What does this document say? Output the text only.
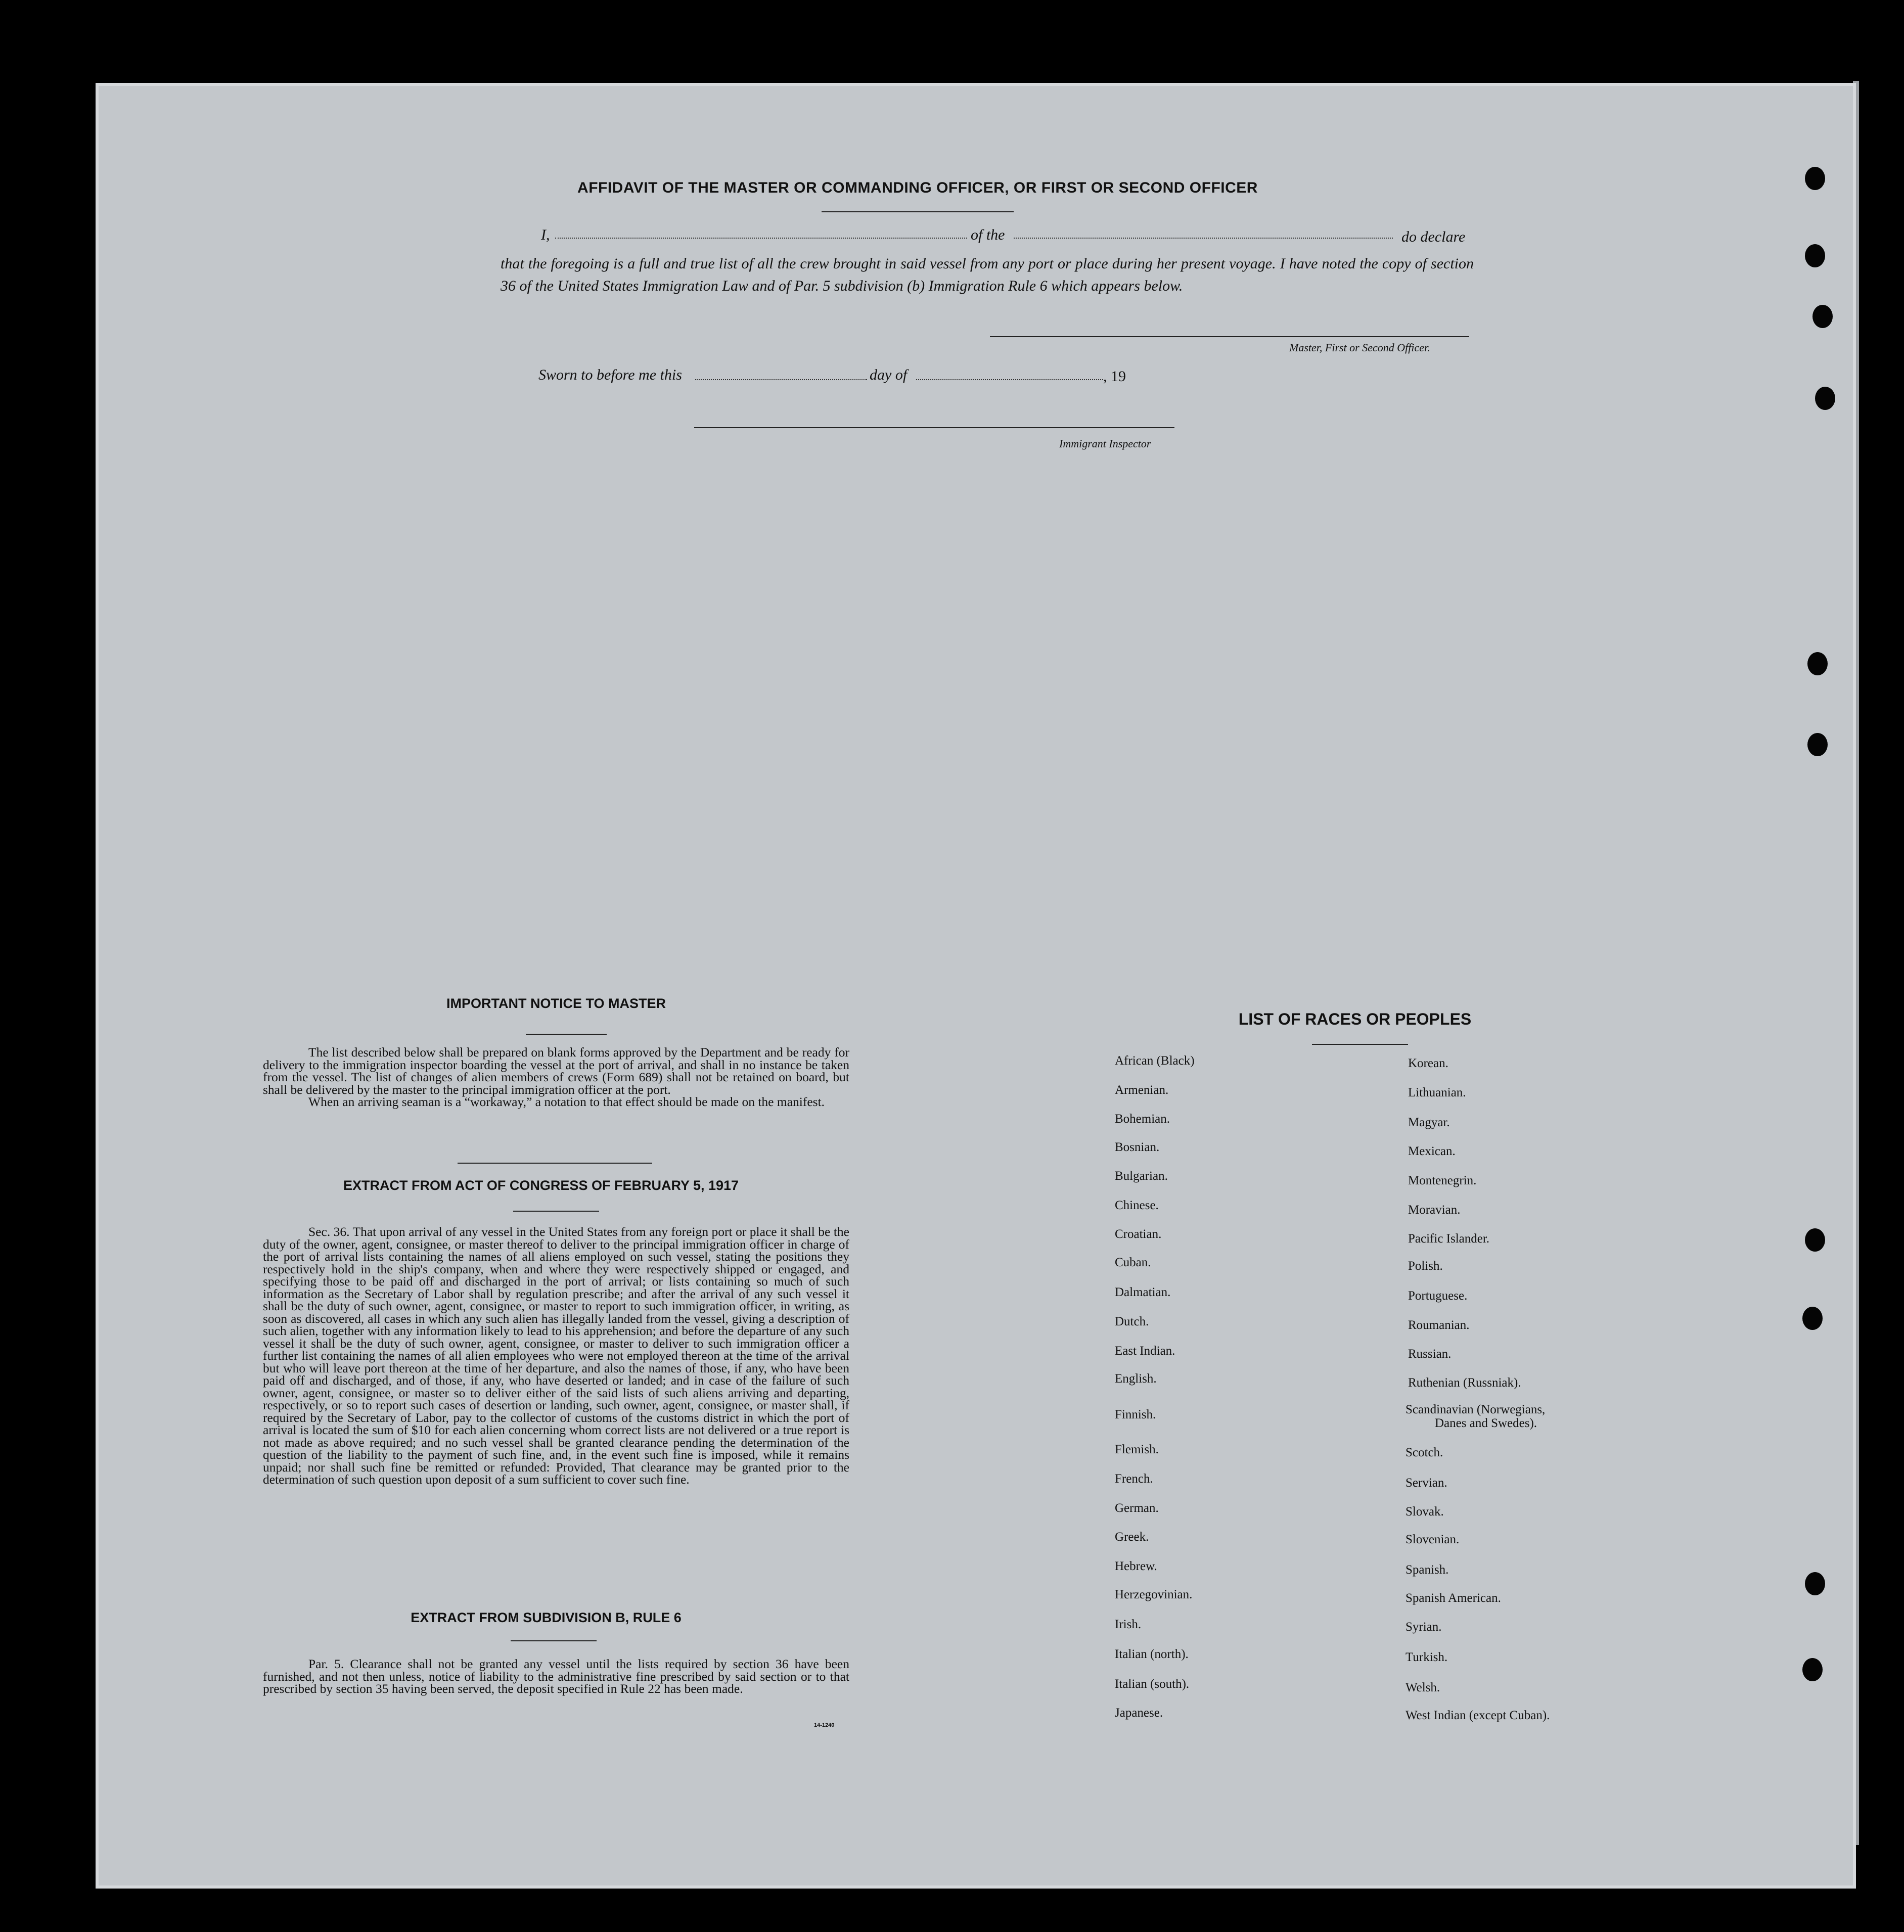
AFFIDAVIT OF THE MASTER OR COMMANDING OFFICER, OR FIRST OR SECOND OFFICER
I,	of the	do declare
that the foregoing is a full and true list of all the crew brought in said vessel from any port or place during her present voyage. I have noted the copy of section 36 of the United States Immigration Law and of Par. 5 subdivision (b) Immigration Rule 6 which appears below.
Master, First or Second Officer.
Sworn to before me this	day of	, 19
Immigrant Inspector
IMPORTANT NOTICE TO MASTER

The list described below shall be prepared on blank forms approved by the Department and be ready for delivery to the immigration inspector boarding the vessel at the port of arrival, and shall in no instance be taken from the vessel. The list of changes of alien members of crews (Form 689) shall not be retained on board, but shall be delivered by the master to the principal immigration officer at the port.

When an arriving seaman is a “workaway,” a notation to that effect should be made on the manifest.

EXTRACT FROM ACT OF CONGRESS OF FEBRUARY 5, 1917

Sec. 36. That upon arrival of any vessel in the United States from any foreign port or place it shall be the duty of the owner, agent, consignee, or master thereof to deliver to the principal immigration officer in charge of the port of arrival lists containing the names of all aliens employed on such vessel, stating the positions they respectively hold in the ship's company, when and where they were respectively shipped or engaged, and specifying those to be paid off and discharged in the port of arrival; or lists containing so much of such information as the Secretary of Labor shall by regulation prescribe; and after the arrival of any such vessel it shall be the duty of such owner, agent, consignee, or master to report to such immigration officer, in writing, as soon as discovered, all cases in which any such alien has illegally landed from the vessel, giving a description of such alien, together with any information likely to lead to his apprehension; and before the departure of any such vessel it shall be the duty of such owner, agent, consignee, or master to deliver to such immigration officer a further list containing the names of all alien employees who were not employed thereon at the time of the arrival but who will leave port thereon at the time of her departure, and also the names of those, if any, who have been paid off and discharged, and of those, if any, who have deserted or landed; and in case of the failure of such owner, agent, consignee, or master so to deliver either of the said lists of such aliens arriving and departing, respectively, or so to report such cases of desertion or landing, such owner, agent, consignee, or master shall, if required by the Secretary of Labor, pay to the collector of customs of the customs district in which the port of arrival is located the sum of $10 for each alien concerning whom correct lists are not delivered or a true report is not made as above required; and no such vessel shall be granted clearance pending the determination of the question of the liability to the payment of such fine, and, in the event such fine is imposed, while it remains unpaid; nor shall such fine be remitted or refunded: Provided, That clearance may be granted prior to the determination of such question upon deposit of a sum sufficient to cover such fine.

EXTRACT FROM SUBDIVISION B, RULE 6

Par. 5. Clearance shall not be granted any vessel until the lists required by section 36 have been furnished, and not then unless, notice of liability to the administrative fine prescribed by said section or to that prescribed by section 35 having been served, the deposit specified in Rule 22 has been made.

14-1240
LIST OF RACES OR PEOPLES
African (Black)
Armenian.
Bohemian.
Bosnian.
Bulgarian.
Chinese.
Croatian.
Cuban.
Dalmatian.
Dutch.
East Indian.
English.
Finnish.
Flemish.
French.
German.
Greek.
Hebrew.
Herzegovinian.
Irish.
Italian (north).
Italian (south).
Japanese.
Korean.
Lithuanian.
Magyar.
Mexican.
Montenegrin.
Moravian.
Pacific Islander.
Polish.
Portuguese.
Roumanian.
Russian.
Ruthenian (Russniak).
Scandinavian (Norwegians,
Danes and Swedes).
Scotch.
Servian.
Slovak.
Slovenian.
Spanish.
Spanish American.
Syrian.
Turkish.
Welsh.
West Indian (except Cuban).
